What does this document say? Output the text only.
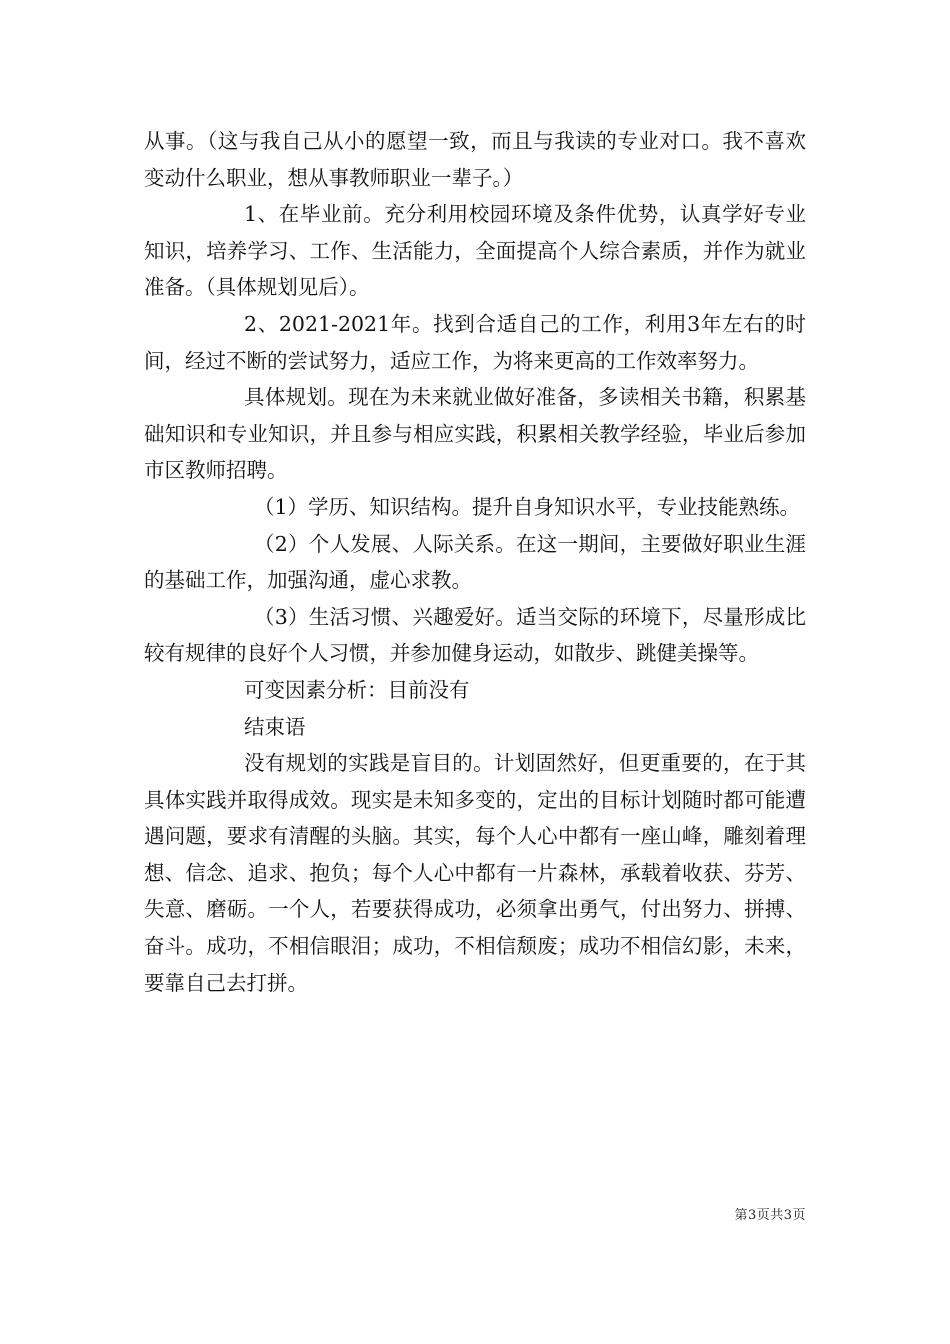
从事。（这与我自己从小的愿望一致，而且与我读的专业对口。我不喜欢变动什么职业，想从事教师职业一辈子。）

1、在毕业前。充分利用校园环境及条件优势，认真学好专业知识，培养学习、工作、生活能力，全面提高个人综合素质，并作为就业准备。（具体规划见后）。

2、2021-2021年。找到合适自己的工作，利用3年左右的时间，经过不断的尝试努力，适应工作，为将来更高的工作效率努力。

具体规划。现在为未来就业做好准备，多读相关书籍，积累基础知识和专业知识，并且参与相应实践，积累相关教学经验，毕业后参加市区教师招聘。

（1）学历、知识结构。提升自身知识水平，专业技能熟练。

（2）个人发展、人际关系。在这一期间，主要做好职业生涯的基础工作，加强沟通，虚心求教。

（3）生活习惯、兴趣爱好。适当交际的环境下，尽量形成比较有规律的良好个人习惯，并参加健身运动，如散步、跳健美操等。

可变因素分析：目前没有

结束语

没有规划的实践是盲目的。计划固然好，但更重要的，在于其具体实践并取得成效。现实是未知多变的，定出的目标计划随时都可能遭遇问题，要求有清醒的头脑。其实，每个人心中都有一座山峰，雕刻着理想、信念、追求、抱负；每个人心中都有一片森林，承载着收获、芬芳、失意、磨砺。一个人，若要获得成功，必须拿出勇气，付出努力、拼搏、奋斗。成功，不相信眼泪；成功，不相信颓废；成功不相信幻影，未来，要靠自己去打拼。

第3页共3页
